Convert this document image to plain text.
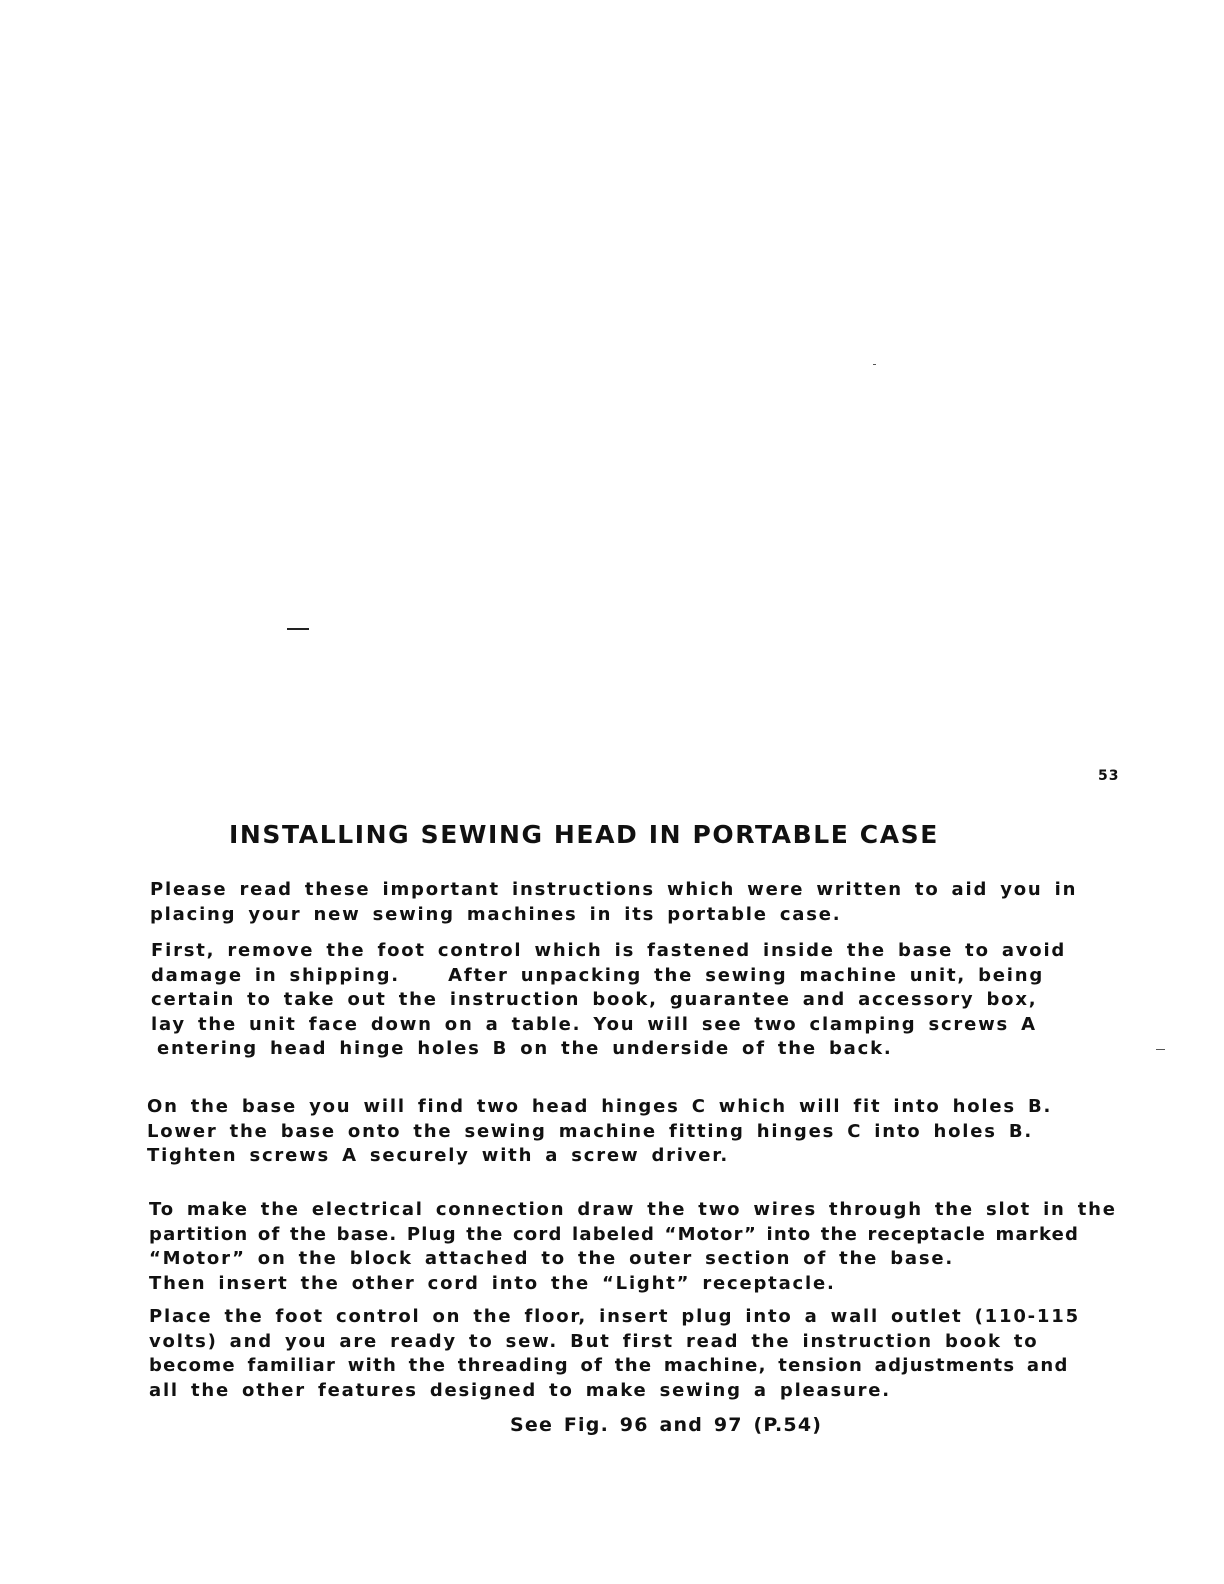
53
INSTALLING SEWING HEAD IN PORTABLE CASE
Please read these important instructions which were written to aid you in
placing your new sewing machines in its portable case.
First, remove the foot control which is fastened inside the base to avoid
damage in shipping.    After unpacking the sewing machine unit, being
certain to take out the instruction book, guarantee and accessory box,
lay the unit face down on a table. You will see two clamping screws A
entering head hinge holes B on the underside of the back.
On the base you will find two head hinges C which will fit into holes B.
Lower the base onto the sewing machine fitting hinges C into holes B.
Tighten screws A securely with a screw driver.
To make the electrical connection draw the two wires through the slot in the
partition of the base. Plug the cord labeled “Motor” into the receptacle marked
“Motor” on the block attached to the outer section of the base.
Then insert the other cord into the “Light” receptacle.
Place the foot control on the floor, insert plug into a wall outlet (110-115
volts) and you are ready to sew. But first read the instruction book to
become familiar with the threading of the machine, tension adjustments and
all the other features designed to make sewing a pleasure.
See Fig. 96 and 97 (P.54)
